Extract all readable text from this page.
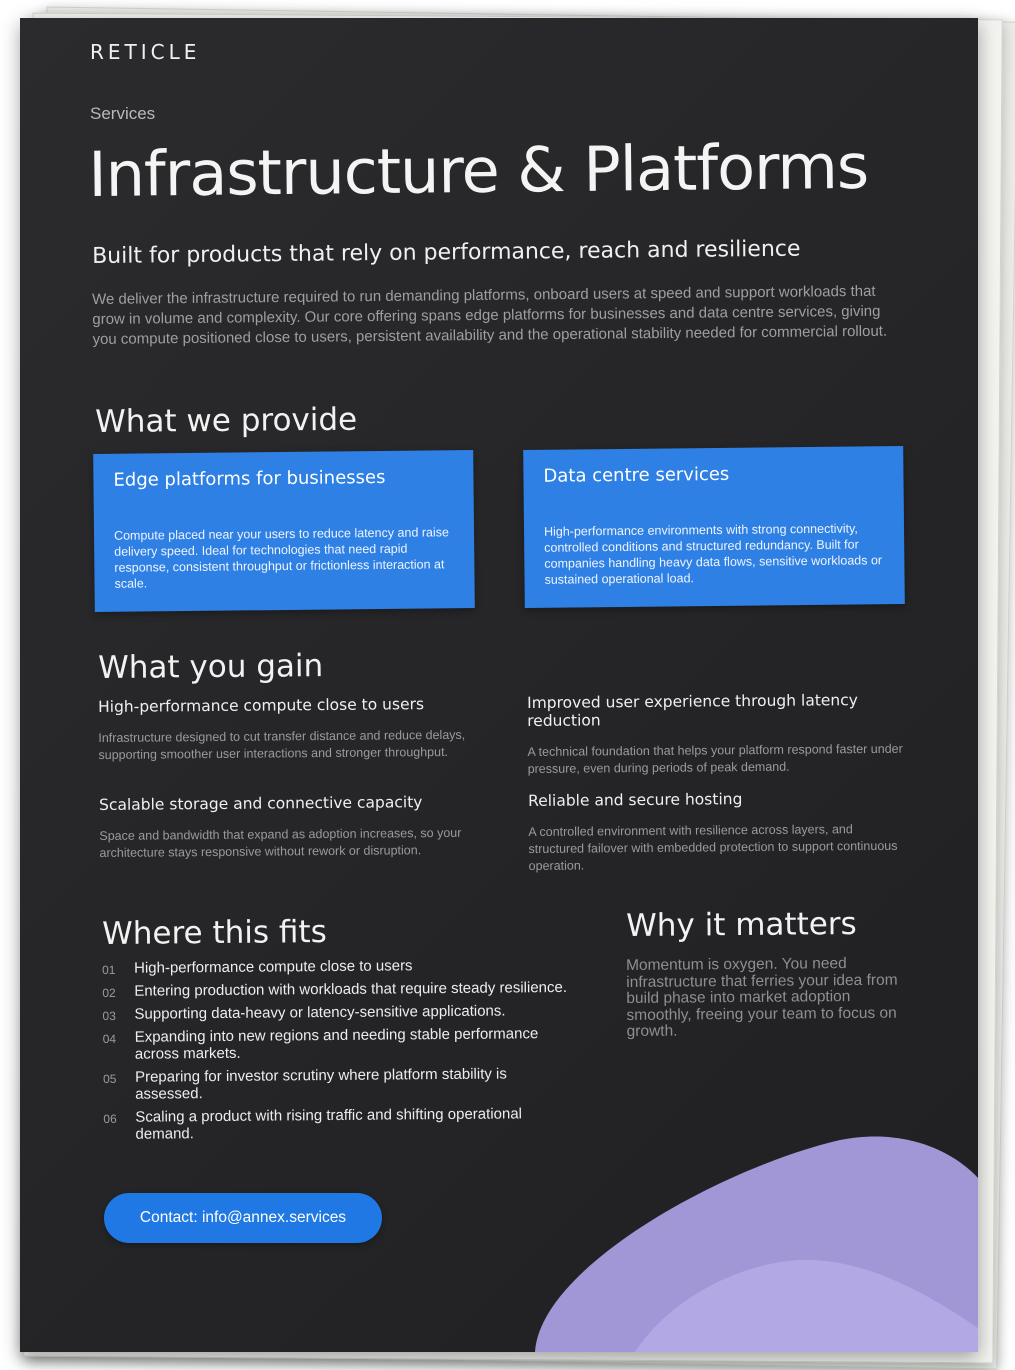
RETICLE
Services
Infrastructure & Platforms
Built for products that rely on performance, reach and resilience
We deliver the infrastructure required to run demanding platforms, onboard users at speed and support workloads that grow in volume and complexity. Our core offering spans edge platforms for businesses and data centre services, giving you compute positioned close to users, persistent availability and the operational stability needed for commercial rollout.
What we provide
Edge platforms for businesses
Compute placed near your users to reduce latency and raise delivery speed. Ideal for technologies that need rapid response, consistent throughput or frictionless interaction at scale.
Data centre services
High-performance environments with strong connectivity, controlled conditions and structured redundancy. Built for companies handling heavy data flows, sensitive workloads or sustained operational load.
What you gain
High-performance compute close to users
Infrastructure designed to cut transfer distance and reduce delays, supporting smoother user interactions and stronger throughput.
Improved user experience through latency reduction
A technical foundation that helps your platform respond faster under pressure, even during periods of peak demand.
Scalable storage and connective capacity
Space and bandwidth that expand as adoption increases, so your architecture stays responsive without rework or disruption.
Reliable and secure hosting
A controlled environment with resilience across layers, and structured failover with embedded protection to support continuous operation.
Where this fits
01	High-performance compute close to users
02	Entering production with workloads that require steady resilience.
03	Supporting data-heavy or latency-sensitive applications.
04	Expanding into new regions and needing stable performance across markets.
05	Preparing for investor scrutiny where platform stability is assessed.
06	Scaling a product with rising traffic and shifting operational demand.
Why it matters
Momentum is oxygen. You need infrastructure that ferries your idea from build phase into market adoption smoothly, freeing your team to focus on growth.
Contact: info@annex.services
